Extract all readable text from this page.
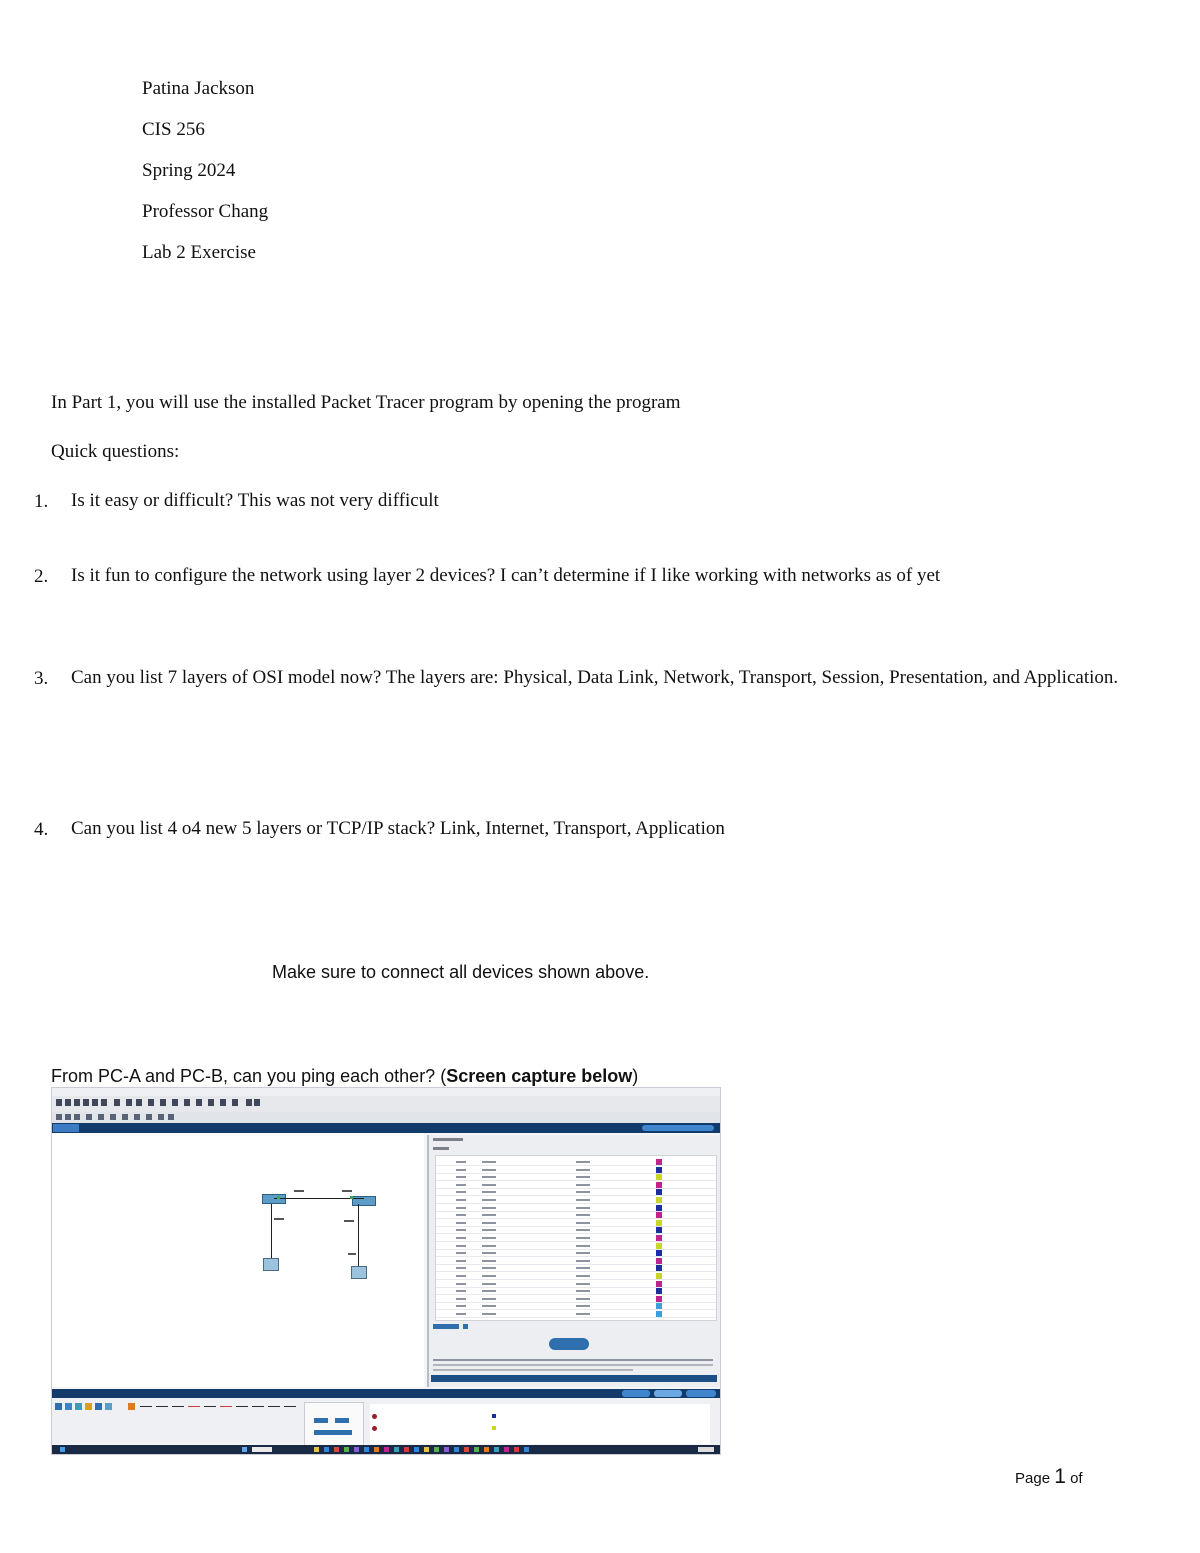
Patina Jackson
CIS 256
Spring 2024
Professor Chang
Lab 2 Exercise
In Part 1, you will use the installed Packet Tracer program by opening the program
Quick questions:
1. Is it easy or difficult? This was not very difficult
2. Is it fun to configure the network using layer 2 devices? I can’t determine if I like working with networks as of yet
3. Can you list 7 layers of OSI model now? The layers are: Physical, Data Link, Network, Transport, Session, Presentation, and Application.
4. Can you list 4 o4 new 5 layers or TCP/IP stack? Link, Internet, Transport, Application
Make sure to connect all devices shown above.
From PC-A and PC-B, can you ping each other? (Screen capture below)
Page 1 of
